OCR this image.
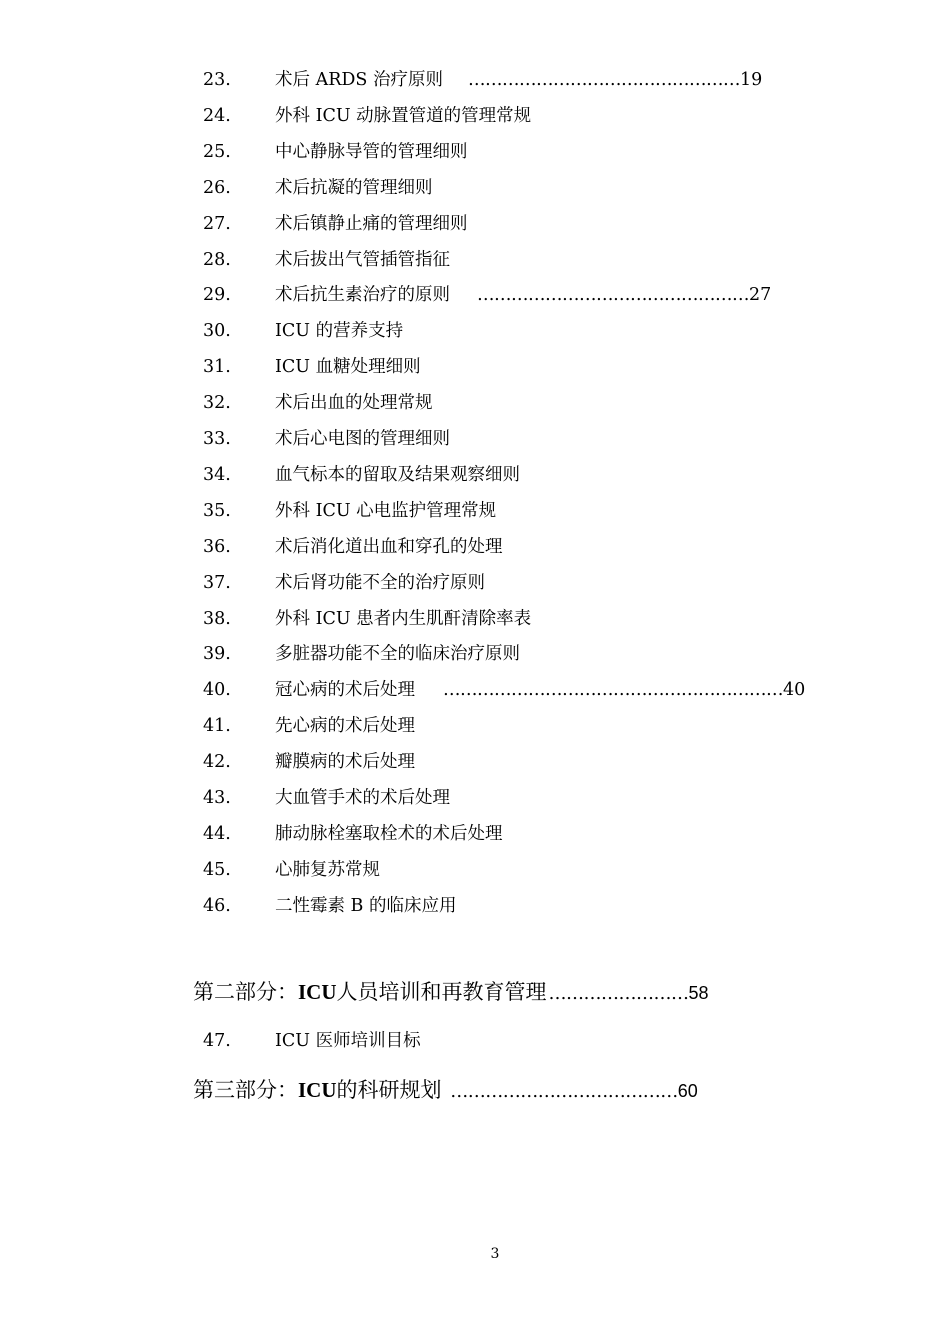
23.	术后 ARDS 治疗原则 ………………………………………… 19
24.	外科 ICU 动脉置管道的管理常规
25.	中心静脉导管的管理细则
26.	术后抗凝的管理细则
27.	术后镇静止痛的管理细则
28.	术后拔出气管插管指征
29.	术后抗生素治疗的原则 ………………………………………… 27
30.	ICU 的营养支持
31.	ICU 血糖处理细则
32.	术后出血的处理常规
33.	术后心电图的管理细则
34.	血气标本的留取及结果观察细则
35.	外科 ICU 心电监护管理常规
36.	术后消化道出血和穿孔的处理
37.	术后肾功能不全的治疗原则
38.	外科 ICU 患者内生肌酐清除率表
39.	多脏器功能不全的临床治疗原则
40.	冠心病的术后处理 …………………………………………………… 40
41.	先心病的术后处理
42.	瓣膜病的术后处理
43.	大血管手术的术后处理
44.	肺动脉栓塞取栓术的术后处理
45.	心肺复苏常规
46.	二性霉素 B 的临床应用
第二部分：ICU人员培训和再教育管理 ……………………58
47.	ICU 医师培训目标
第三部分：ICU的科研规划 …………………………………60
3
